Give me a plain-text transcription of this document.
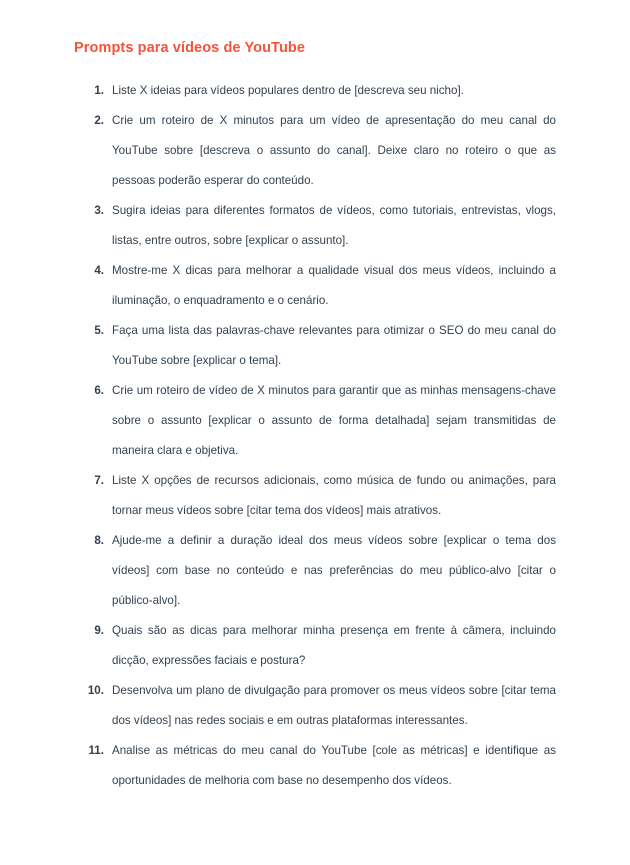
Prompts para vídeos de YouTube
Liste X ideias para vídeos populares dentro de [descreva seu nicho].
Crie um roteiro de X minutos para um vídeo de apresentação do meu canal do YouTube sobre [descreva o assunto do canal]. Deixe claro no roteiro o que as pessoas poderão esperar do conteúdo.
Sugira ideias para diferentes formatos de vídeos, como tutoriais, entrevistas, vlogs, listas, entre outros, sobre [explicar o assunto].
Mostre-me X dicas para melhorar a qualidade visual dos meus vídeos, incluindo a iluminação, o enquadramento e o cenário.
Faça uma lista das palavras-chave relevantes para otimizar o SEO do meu canal do YouTube sobre [explicar o tema].
Crie um roteiro de vídeo de X minutos para garantir que as minhas mensagens-chave sobre o assunto [explicar o assunto de forma detalhada] sejam transmitidas de maneira clara e objetiva.
Liste X opções de recursos adicionais, como música de fundo ou animações, para tornar meus vídeos sobre [citar tema dos vídeos] mais atrativos.
Ajude-me a definir a duração ideal dos meus vídeos sobre [explicar o tema dos vídeos] com base no conteúdo e nas preferências do meu público-alvo [citar o público-alvo].
Quais são as dicas para melhorar minha presença em frente à câmera, incluindo dicção, expressões faciais e postura?
Desenvolva um plano de divulgação para promover os meus vídeos sobre [citar tema dos vídeos] nas redes sociais e em outras plataformas interessantes.
Analise as métricas do meu canal do YouTube [cole as métricas] e identifique as oportunidades de melhoria com base no desempenho dos vídeos.
